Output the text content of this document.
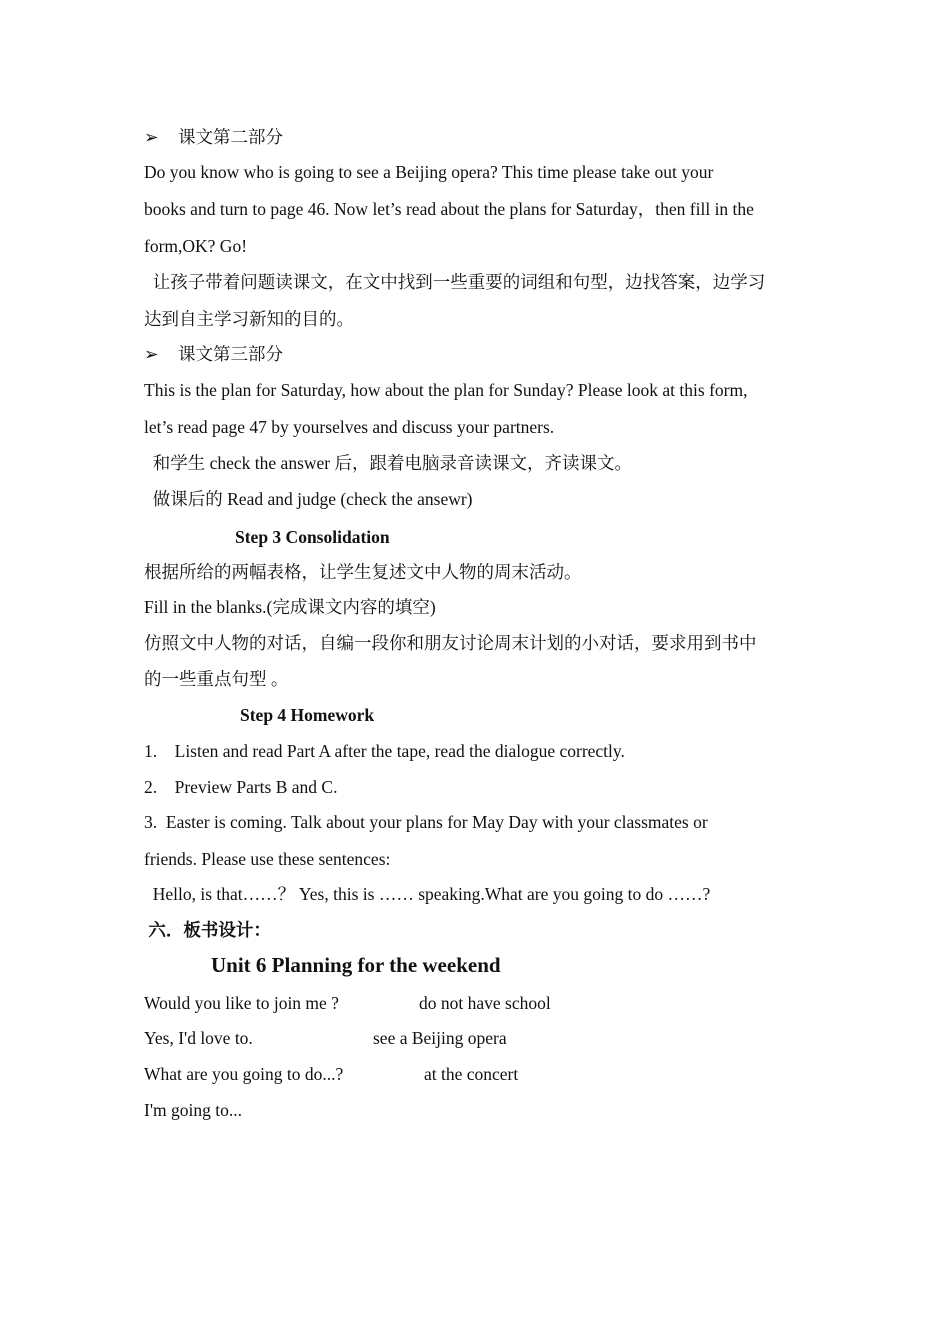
➢ 课文第二部分
Do you know who is going to see a Beijing opera? This time please take out your
books and turn to page 46. Now let’s read about the plans for Saturday，then fill in the
form,OK? Go!
让孩子带着问题读课文，在文中找到一些重要的词组和句型，边找答案，边学习
达到自主学习新知的目的。
➢ 课文第三部分
This is the plan for Saturday, how about the plan for Sunday? Please look at this form,
let’s read page 47 by yourselves and discuss your partners.
和学生 check the answer 后，跟着电脑录音读课文，齐读课文。
做课后的 Read and judge (check the ansewr)
Step 3 Consolidation
根据所给的两幅表格，让学生复述文中人物的周末活动。
Fill in the blanks.(完成课文内容的填空)
仿照文中人物的对话，自编一段你和朋友讨论周末计划的小对话，要求用到书中
的一些重点句型 。
Step 4 Homework
1.    Listen and read Part A after the tape, read the dialogue correctly.
2.    Preview Parts B and C.
3.  Easter is coming. Talk about your plans for May Day with your classmates or
friends. Please use these sentences:
Hello, is that……？ Yes, this is …… speaking.What are you going to do ……?
六．板书设计：
Unit 6 Planning for the weekend
Would you like to join me ?	do not have school
Yes, I'd love to.	see a Beijing opera
What are you going to do...?	at the concert
I'm going to...
